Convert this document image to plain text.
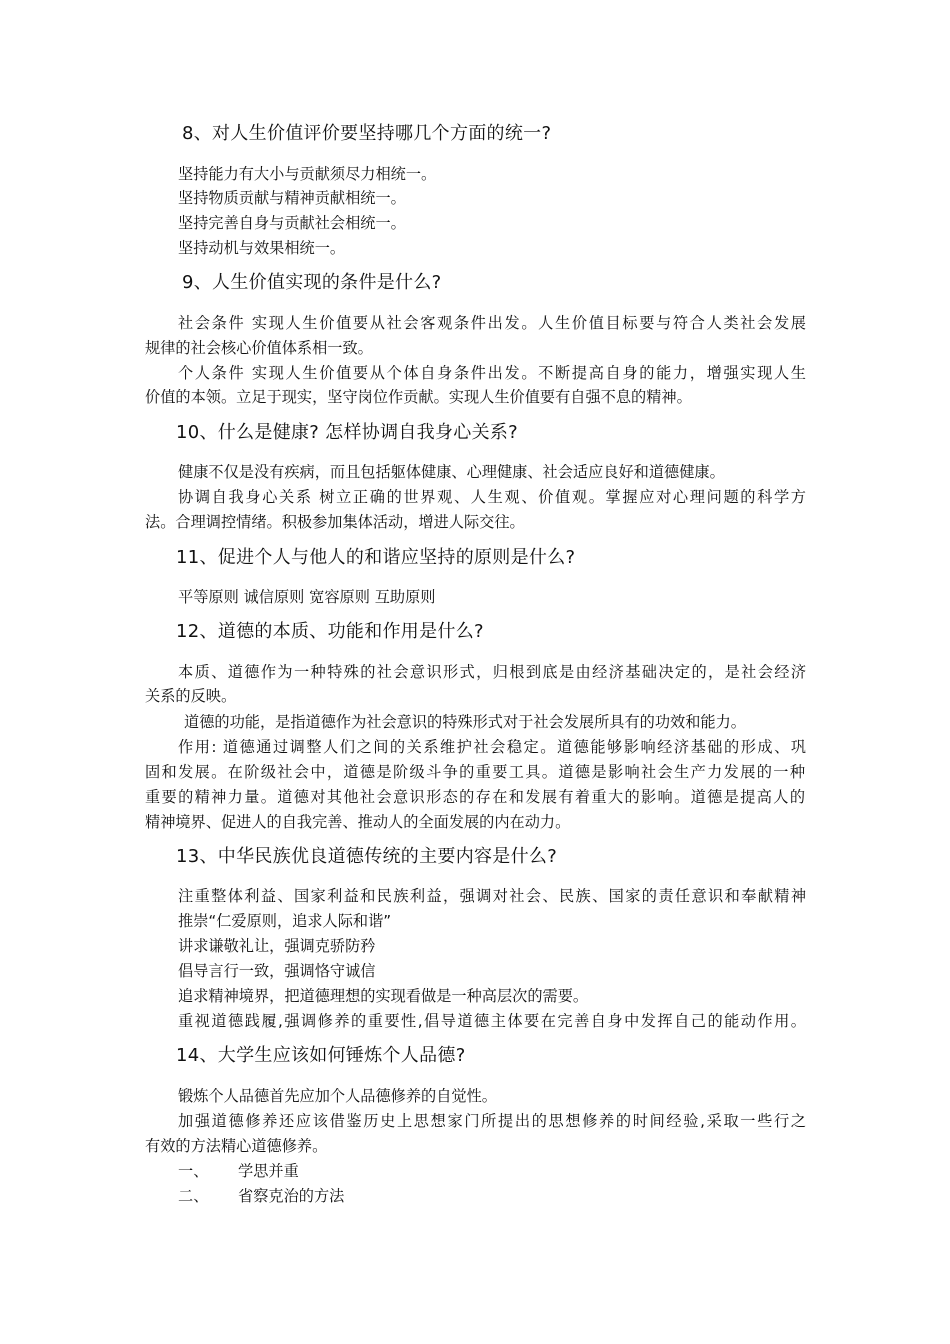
8、对人生价值评价要坚持哪几个方面的统一?

坚持能力有大小与贡献须尽力相统一。

坚持物质贡献与精神贡献相统一。

坚持完善自身与贡献社会相统一。

坚持动机与效果相统一。

9、人生价值实现的条件是什么?

社会条件 实现人生价值要从社会客观条件出发。人生价值目标要与符合人类社会发展

规律的社会核心价值体系相一致。

个人条件 实现人生价值要从个体自身条件出发。不断提高自身的能力，增强实现人生

价值的本领。立足于现实，坚守岗位作贡献。实现人生价值要有自强不息的精神。

10、什么是健康? 怎样协调自我身心关系?

健康不仅是没有疾病，而且包括躯体健康、心理健康、社会适应良好和道德健康。

协调自我身心关系 树立正确的世界观、人生观、价值观。掌握应对心理问题的科学方

法。合理调控情绪。积极参加集体活动，增进人际交往。

11、促进个人与他人的和谐应坚持的原则是什么?

平等原则 诚信原则 宽容原则 互助原则

12、道德的本质、功能和作用是什么?

本质、道德作为一种特殊的社会意识形式，归根到底是由经济基础决定的，是社会经济

关系的反映。

道德的功能，是指道德作为社会意识的特殊形式对于社会发展所具有的功效和能力。

作用: 道德通过调整人们之间的关系维护社会稳定。道德能够影响经济基础的形成、巩

固和发展。在阶级社会中，道德是阶级斗争的重要工具。道德是影响社会生产力发展的一种

重要的精神力量。道德对其他社会意识形态的存在和发展有着重大的影响。道德是提高人的

精神境界、促进人的自我完善、推动人的全面发展的内在动力。

13、中华民族优良道德传统的主要内容是什么?

注重整体利益、国家利益和民族利益，强调对社会、民族、国家的责任意识和奉献精神

推崇“仁爱原则，追求人际和谐”

讲求谦敬礼让，强调克骄防矜

倡导言行一致，强调恪守诚信

追求精神境界，把道德理想的实现看做是一种高层次的需要。

重视道德践履,强调修养的重要性,倡导道德主体要在完善自身中发挥自己的能动作用。

14、大学生应该如何锤炼个人品德?

锻炼个人品德首先应加个人品德修养的自觉性。

加强道德修养还应该借鉴历史上思想家门所提出的思想修养的时间经验,采取一些行之

有效的方法精心道德修养。

一、 学思并重

二、 省察克治的方法
